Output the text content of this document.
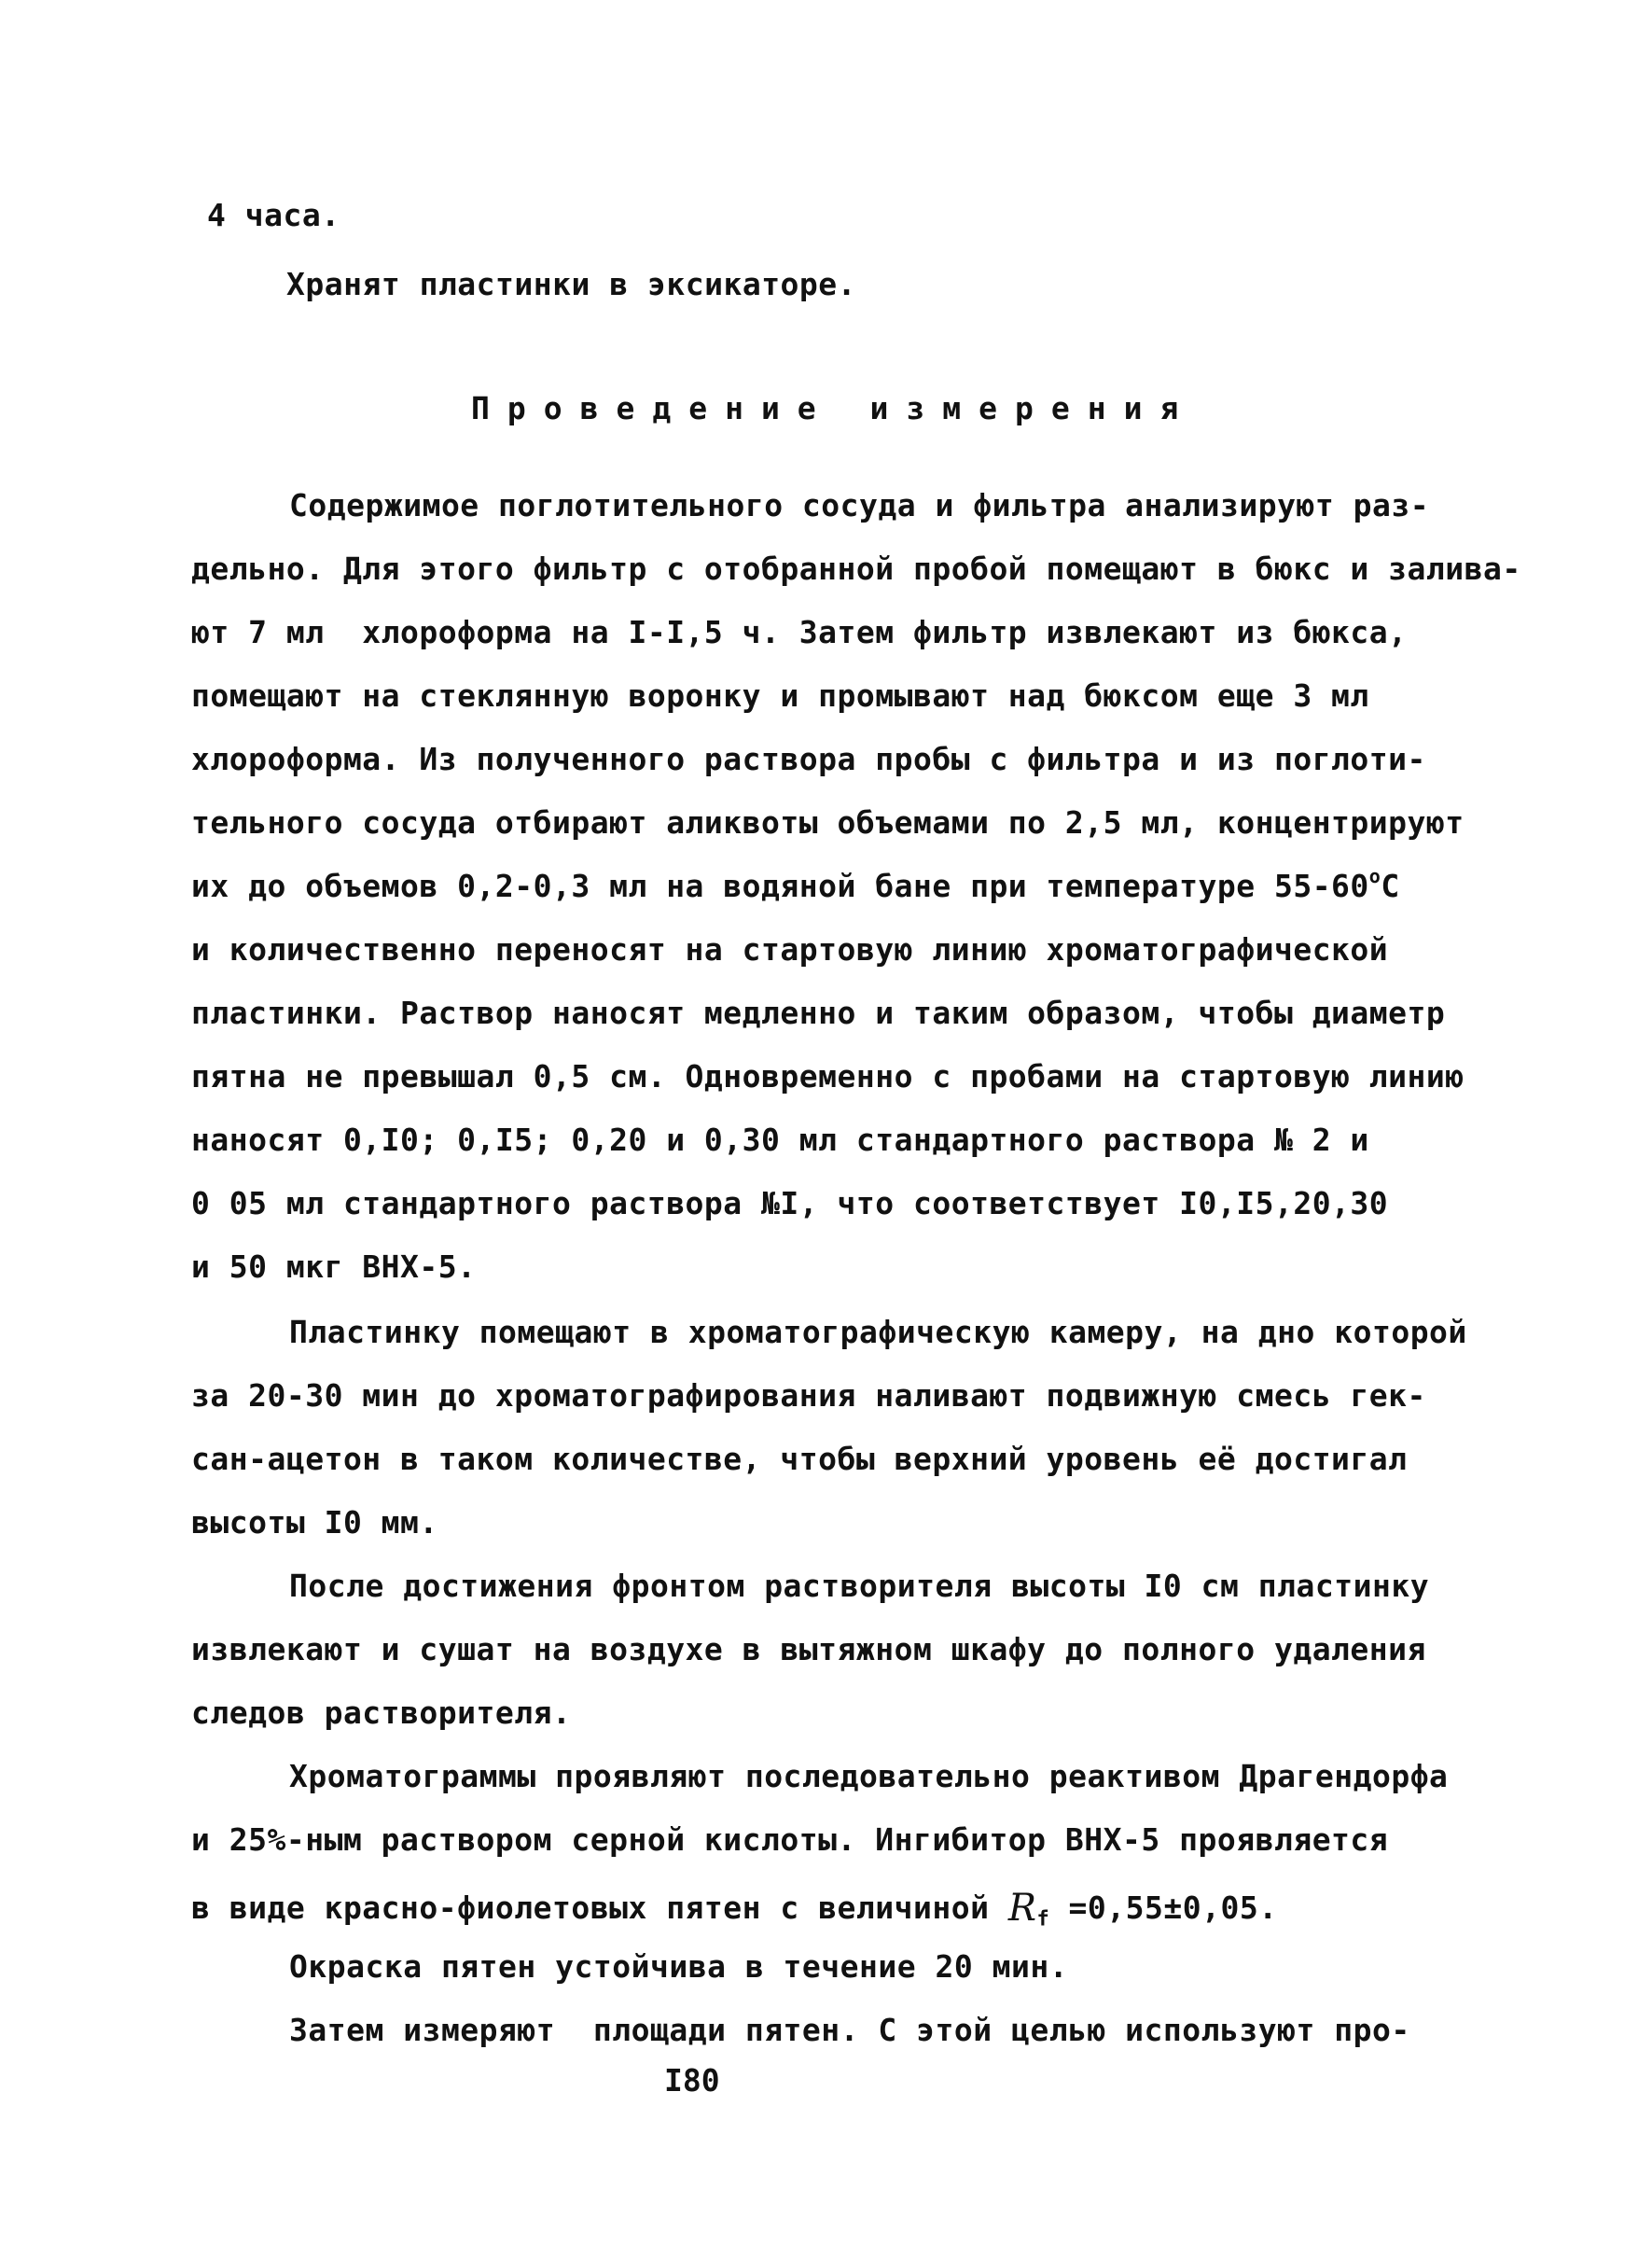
4 часа.
Хранят пластинки в эксикаторе.
Проведение измерения
Содержимое поглотительного сосуда и фильтра анализируют раз-
дельно. Для этого фильтр с отобранной пробой помещают в бюкс и залива-
ют 7 мл  хлороформа на I-I,5 ч. Затем фильтр извлекают из бюкса,
помещают на стеклянную воронку и промывают над бюксом еще 3 мл
хлороформа. Из полученного раствора пробы с фильтра и из поглоти-
тельного сосуда отбирают аликвоты объемами по 2,5 мл, концентрируют
их до объемов 0,2-0,3 мл на водяной бане при температуре 55-60$^o$C
и количественно переносят на стартовую линию хроматографической
пластинки. Раствор наносят медленно и таким образом, чтобы диаметр
пятна не превышал 0,5 см. Одновременно с пробами на стартовую линию
наносят 0,I0; 0,I5; 0,20 и 0,30 мл стандартного раствора № 2 и
0 05 мл стандартного раствора №I, что соответствует I0,I5,20,30
и 50 мкг ВНХ-5.
Пластинку помещают в хроматографическую камеру, на дно которой
за 20-30 мин до хроматографирования наливают подвижную смесь гек-
сан-ацетон в таком количестве, чтобы верхний уровень её достигал
высоты I0 мм.
После достижения фронтом растворителя высоты I0 см пластинку
извлекают и сушат на воздухе в вытяжном шкафу до полного удаления
следов растворителя.
Хроматограммы проявляют последовательно реактивом Драгендорфа
и 25%-ным раствором серной кислоты. Ингибитор ВНХ-5 проявляется
в виде красно-фиолетовых пятен с величиной $R_f =0,55\pm 0,05$.
Окраска пятен устойчива в течение 20 мин.
Затем измеряют  площади пятен. С этой целью используют про-
I80
